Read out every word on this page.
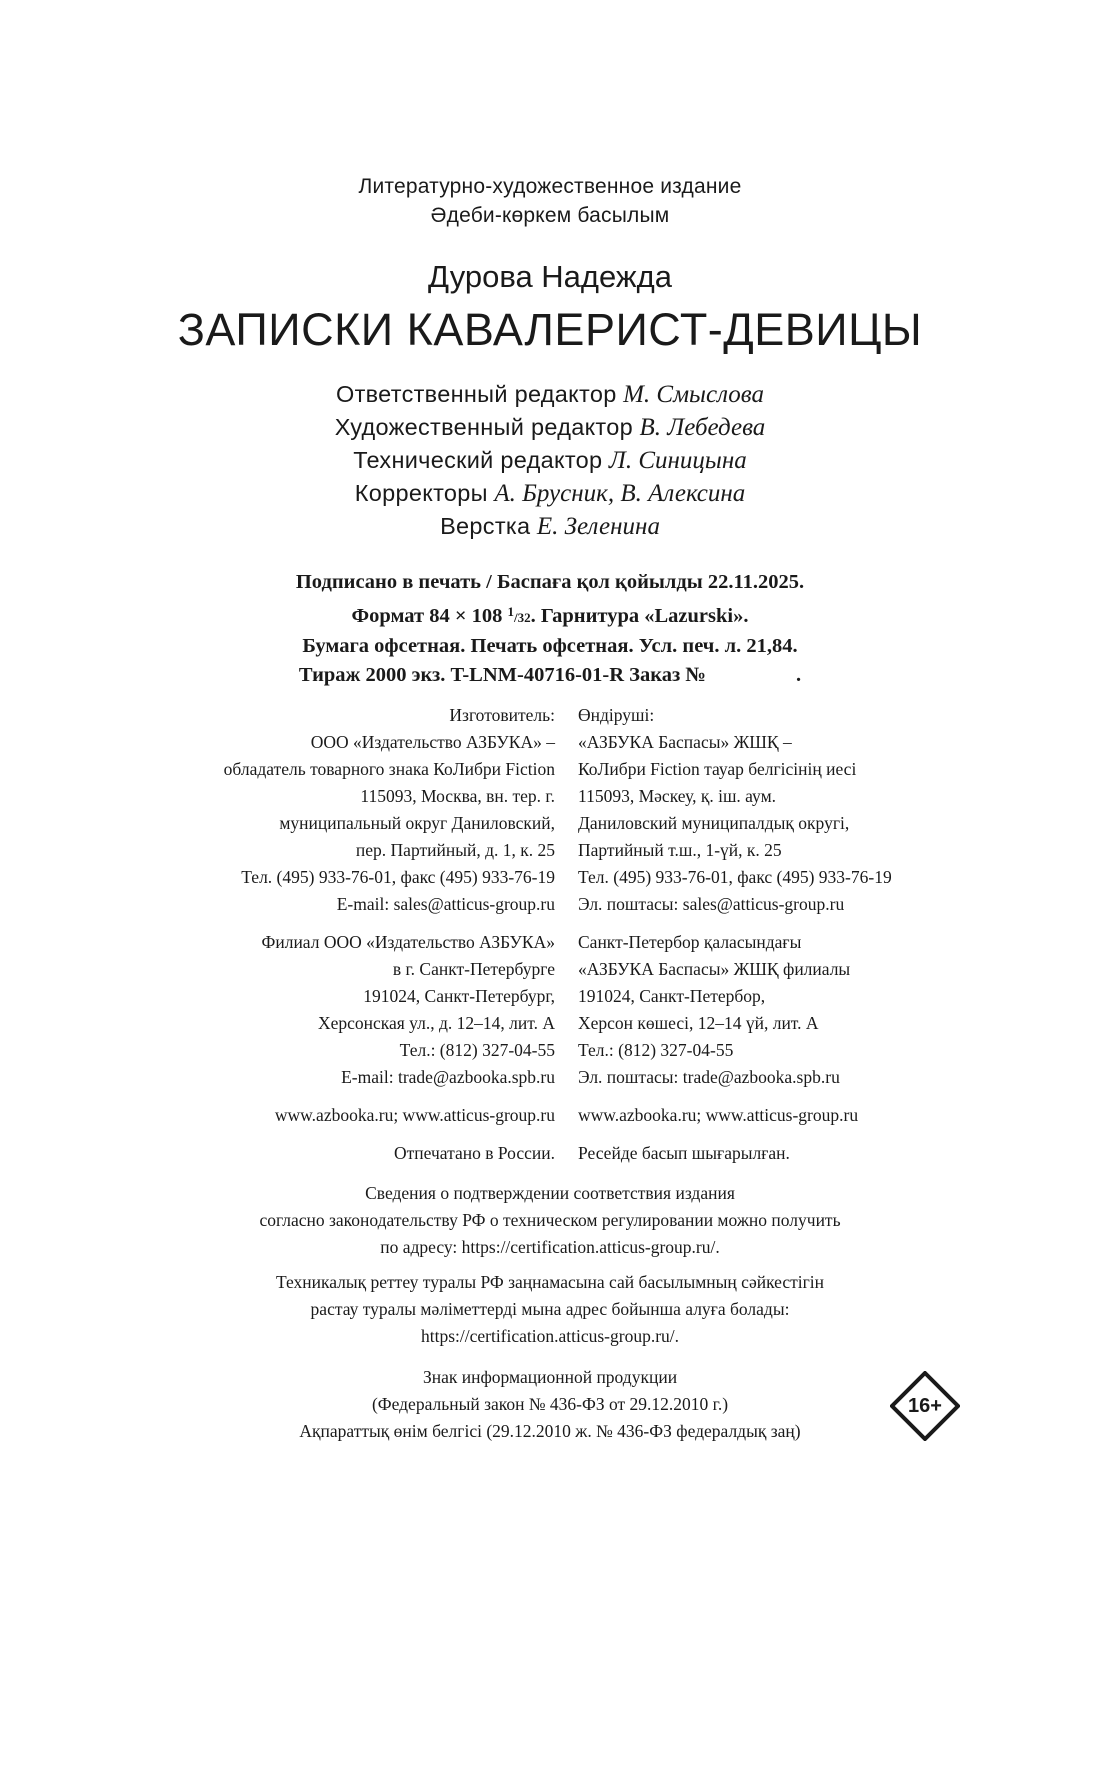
Литературно-художественное издание
Әдеби-көркем басылым
Дурова Надежда
ЗАПИСКИ КАВАЛЕРИСТ-ДЕВИЦЫ
Ответственный редактор М. Смыслова
Художественный редактор В. Лебедева
Технический редактор Л. Синицына
Корректоры А. Брусник, В. Алексина
Верстка Е. Зеленина
Подписано в печать / Баспаға қол қойылды 22.11.2025.
Формат 84 × 108 $^1$/32. Гарнитура «Lazurski».
Бумага офсетная. Печать офсетная. Усл. печ. л. 21,84.
Тираж 2000 экз. T-LNM-40716-01-R Заказ №	.
Изготовитель:
ООО «Издательство АЗБУКА» –
обладатель товарного знака КоЛибри Fiction
115093, Москва, вн. тер. г.
муниципальный округ Даниловский,
пер. Партийный, д. 1, к. 25
Тел. (495) 933-76-01, факс (495) 933-76-19
E-mail: sales@atticus-group.ru
Филиал ООО «Издательство АЗБУКА»
в г. Санкт-Петербурге
191024, Санкт-Петербург,
Херсонская ул., д. 12–14, лит. А
Тел.: (812) 327-04-55
E-mail: trade@azbooka.spb.ru
www.azbooka.ru; www.atticus-group.ru
Отпечатано в России.
Өндіруші:
«АЗБУКА Баспасы» ЖШҚ –
КоЛибри Fiction тауар белгісінің иесі
115093, Мәскеу, қ. іш. аум.
Даниловский муниципалдық округі,
Партийный т.ш., 1-үй, к. 25
Тел. (495) 933-76-01, факс (495) 933-76-19
Эл. поштасы: sales@atticus-group.ru
Санкт-Петербор қаласындағы
«АЗБУКА Баспасы» ЖШҚ филиалы
191024, Санкт-Петербор,
Херсон көшесі, 12–14 үй, лит. А
Тел.: (812) 327-04-55
Эл. поштасы: trade@azbooka.spb.ru
www.azbooka.ru; www.atticus-group.ru
Ресейде басып шығарылған.
Сведения о подтверждении соответствия издания
согласно законодательству РФ о техническом регулировании можно получить
по адресу: https://certification.atticus-group.ru/.
Техникалық реттеу туралы РФ заңнамасына сай басылымның сәйкестігін
растау туралы мәліметтерді мына адрес бойынша алуға болады:
https://certification.atticus-group.ru/.
Знак информационной продукции
(Федеральный закон № 436-ФЗ от 29.12.2010 г.)
Ақпараттық өнім белгісі (29.12.2010 ж. № 436-ФЗ федералдық заң)
16+
